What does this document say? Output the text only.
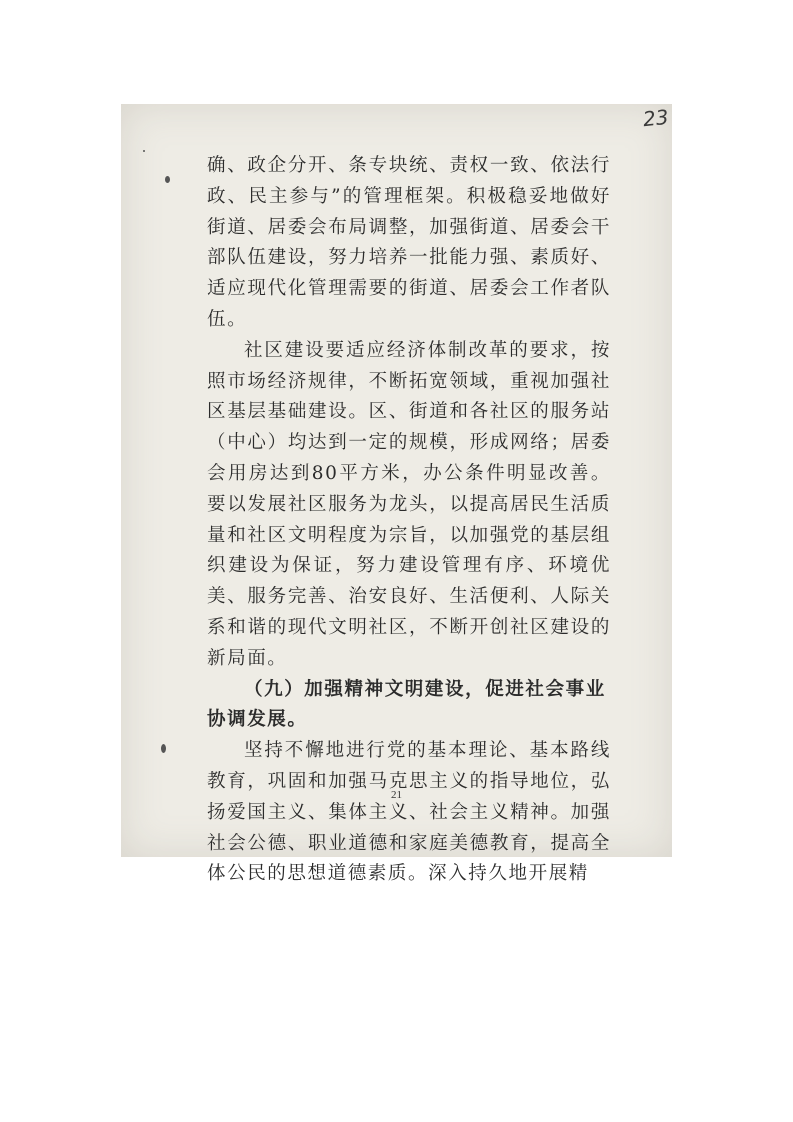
23

确、政企分开、条专块统、责权一致、依法行政、民主参与”的管理框架。积极稳妥地做好街道、居委会布局调整，加强街道、居委会干部队伍建设，努力培养一批能力强、素质好、适应现代化管理需要的街道、居委会工作者队伍。

社区建设要适应经济体制改革的要求，按照市场经济规律，不断拓宽领域，重视加强社区基层基础建设。区、街道和各社区的服务站（中心）均达到一定的规模，形成网络；居委会用房达到80平方米，办公条件明显改善。要以发展社区服务为龙头，以提高居民生活质量和社区文明程度为宗旨，以加强党的基层组织建设为保证，努力建设管理有序、环境优美、服务完善、治安良好、生活便利、人际关系和谐的现代文明社区，不断开创社区建设的新局面。

（九）加强精神文明建设，促进社会事业协调发展。

坚持不懈地进行党的基本理论、基本路线教育，巩固和加强马克思主义的指导地位，弘扬爱国主义、集体主义、社会主义精神。加强社会公德、职业道德和家庭美德教育，提高全体公民的思想道德素质。深入持久地开展精

21
